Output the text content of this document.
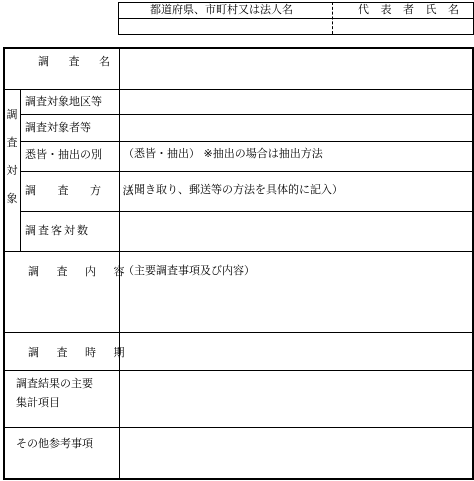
都道府県、市町村又は法人名	代 表 者 氏 名
調 査 名
調
査
対
象
調査対象地区等
調査対象者等
悉皆・抽出の別
調 査 方 法
調査客対数
調 査 内 容
調 査 時 期
調査結果の主要
集計項目
その他参考事項
（悉皆・抽出） ※抽出の場合は抽出方法
（聞き取り、郵送等の方法を具体的に記入）
（主要調査事項及び内容）
